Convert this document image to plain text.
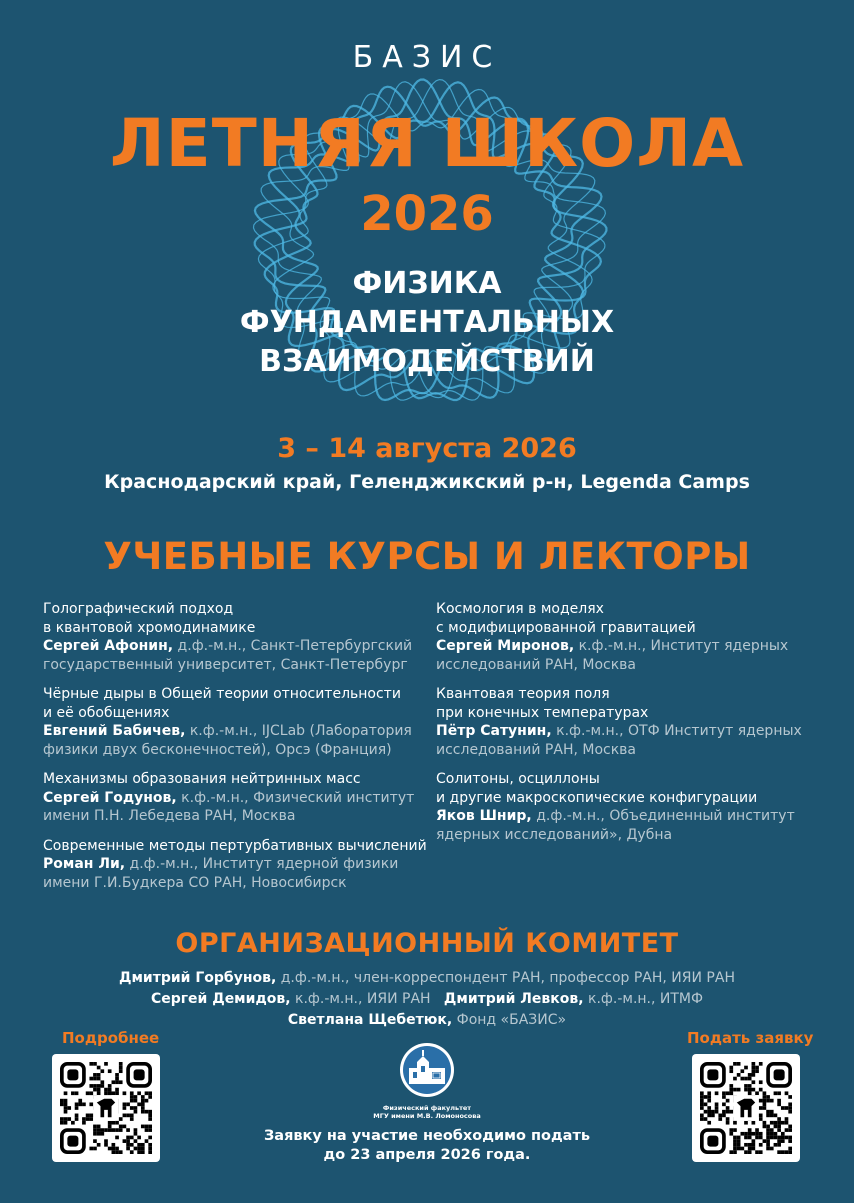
БАЗИС
ЛЕТНЯЯ ШКОЛА
2026
ФИЗИКА
ФУНДАМЕНТАЛЬНЫХ
ВЗАИМОДЕЙСТВИЙ
3 – 14 августа 2026
Краснодарский край, Геленджикский р-н, Legenda Camps
УЧЕБНЫЕ КУРСЫ И ЛЕКТОРЫ
Голографический подход
в квантовой хромодинамике
Сергей Афонин, д.ф.-м.н., Санкт-Петербургский государственный университет, Санкт-Петербург
Чёрные дыры в Общей теории относительности
и её обобщениях
Евгений Бабичев, к.ф.-м.н., IJCLab (Лаборатория физики двух бесконечностей), Орсэ (Франция)
Механизмы образования нейтринных масс
Сергей Годунов, к.ф.-м.н., Физический институт имени П.Н. Лебедева РАН, Москва
Современные методы пертурбативных вычислений
Роман Ли, д.ф.-м.н., Институт ядерной физики имени Г.И.Будкера СО РАН, Новосибирск
Космология в моделях
с модифицированной гравитацией
Сергей Миронов, к.ф.-м.н., Институт ядерных исследований РАН, Москва
Квантовая теория поля
при конечных температурах
Пётр Сатунин, к.ф.-м.н., ОТФ Институт ядерных исследований РАН, Москва
Солитоны, осциллоны
и другие макроскопические конфигурации
Яков Шнир, д.ф.-м.н., Объединенный институт ядерных исследований», Дубна
ОРГАНИЗАЦИОННЫЙ КОМИТЕТ
Дмитрий Горбунов, д.ф.-м.н., член-корреспондент РАН, профессор РАН, ИЯИ РАН
Сергей Демидов, к.ф.-м.н., ИЯИ РАН Дмитрий Левков, к.ф.-м.н., ИТМФ
Светлана Щебетюк, Фонд «БАЗИС»
Подробнее	Подать заявку
Физический факультет
МГУ имени М.В. Ломоносова
Заявку на участие необходимо подать
до 23 апреля 2026 года.
